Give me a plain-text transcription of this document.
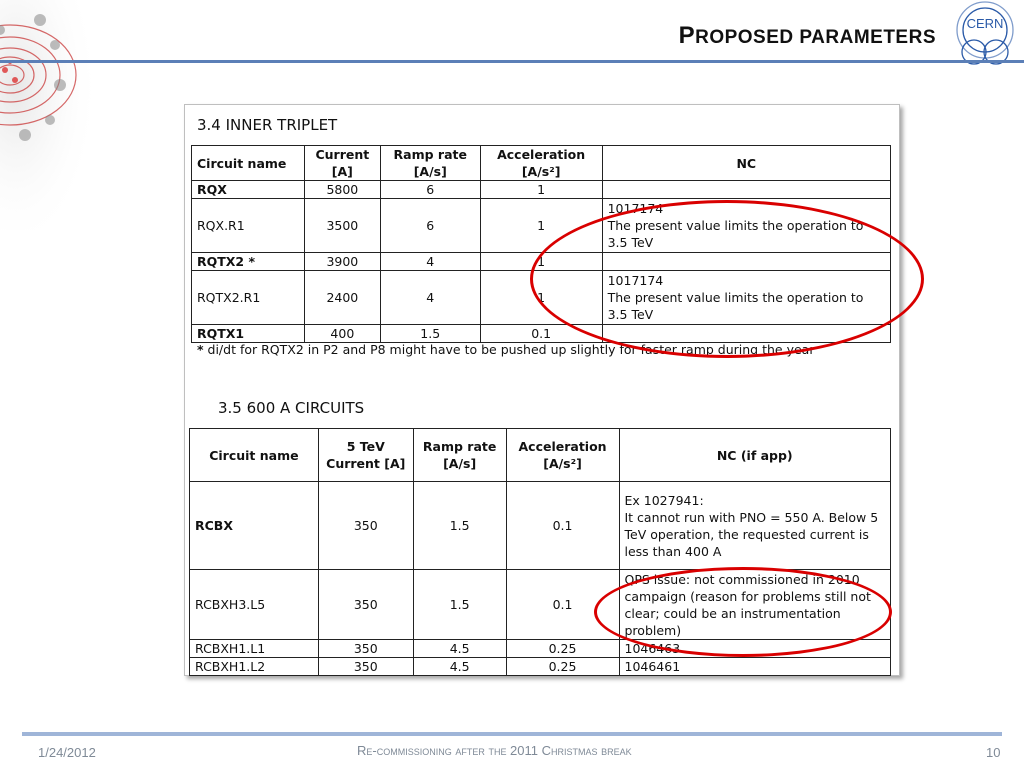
PROPOSED PARAMETERS
CERN
3.4 INNER TRIPLET
Circuit name	Current [A]	Ramp rate [A/s]	Acceleration [A/s²]	NC
RQX	5800	6	1	
RQX.R1	3500	6	1	1017174
The present value limits the operation to 3.5 TeV
RQTX2 *	3900	4	1	
RQTX2.R1	2400	4	1	1017174
The present value limits the operation to 3.5 TeV
RQTX1	400	1.5	0.1	
* di/dt for RQTX2 in P2 and P8 might have to be pushed up slightly for faster ramp during the year
3.5 600 A CIRCUITS
Circuit name	5 TeV Current [A]	Ramp rate [A/s]	Acceleration [A/s²]	NC (if app)
RCBX	350	1.5	0.1	Ex 1027941:
It cannot run with PNO = 550 A. Below 5 TeV operation, the requested current is less than 400 A
RCBXH3.L5	350	1.5	0.1	QPS issue: not commissioned in 2010 campaign (reason for problems still not clear; could be an instrumentation problem)
RCBXH1.L1	350	4.5	0.25	1046463
RCBXH1.L2	350	4.5	0.25	1046461
1/24/2012	Re-commissioning after the 2011 Christmas break	10
